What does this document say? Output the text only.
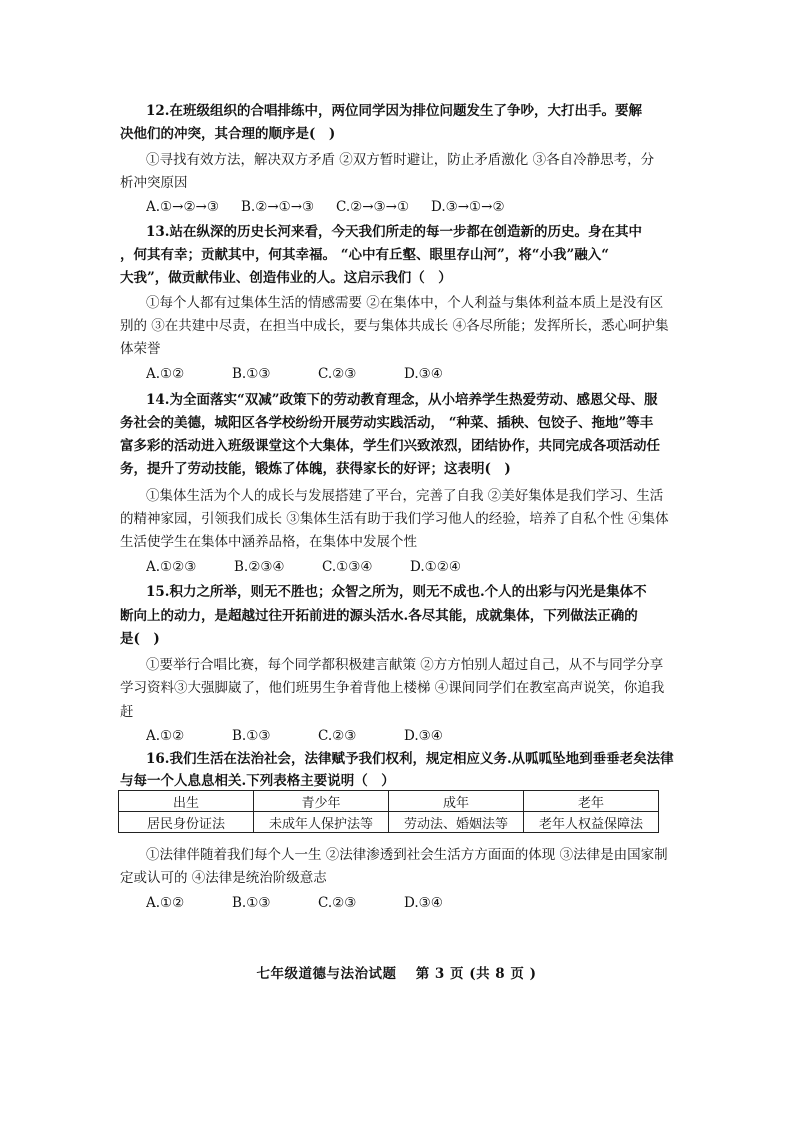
12.在班级组织的合唱排练中，两位同学因为排位问题发生了争吵，大打出手。要解
决他们的冲突，其合理的顺序是(　)
①寻找有效方法，解决双方矛盾 ②双方暂时避让，防止矛盾激化 ③各自冷静思考，分
析冲突原因
A.①→②→③	B.②→①→③	C.②→③→①	D.③→①→②
13.站在纵深的历史长河来看，今天我们所走的每一步都在创造新的历史。身在其中
，何其有幸；贡献其中，何其幸福。 “心中有丘壑、眼里存山河”，将“小我”融入“
大我”，做贡献伟业、创造伟业的人。这启示我们（　）
①每个人都有过集体生活的情感需要 ②在集体中，个人利益与集体利益本质上是没有区
别的 ③在共建中尽责，在担当中成长，要与集体共成长 ④各尽所能；发挥所长，悉心呵护集
体荣誉
A.①②	B.①③	C.②③	D.③④
14.为全面落实“双减”政策下的劳动教育理念，从小培养学生热爱劳动、感恩父母、服
务社会的美德，城阳区各学校纷纷开展劳动实践活动， “种菜、插秧、包饺子、拖地”等丰
富多彩的活动进入班级课堂这个大集体，学生们兴致浓烈，团结协作，共同完成各项活动任
务，提升了劳动技能，锻炼了体魄，获得家长的好评；这表明(　)
①集体生活为个人的成长与发展搭建了平台，完善了自我 ②美好集体是我们学习、生活
的精神家园，引领我们成长 ③集体生活有助于我们学习他人的经验，培养了自私个性 ④集体
生活使学生在集体中涵养品格，在集体中发展个性
A.①②③	B.②③④	C.①③④	D.①②④
15.积力之所举，则无不胜也；众智之所为，则无不成也.个人的出彩与闪光是集体不
断向上的动力，是超越过往开拓前进的源头活水.各尽其能，成就集体，下列做法正确的
是(　)
①要举行合唱比赛，每个同学都积极建言献策 ②方方怕别人超过自己，从不与同学分享
学习资料③大强脚崴了，他们班男生争着背他上楼梯 ④课间同学们在教室高声说笑，你追我
赶
A.①②	B.①③	C.②③	D.③④
16.我们生活在法治社会，法律赋予我们权利，规定相应义务.从呱呱坠地到垂垂老矣法律
与每一个人息息相关.下列表格主要说明（　）
出生	青少年	成年	老年
居民身份证法	未成年人保护法等	劳动法、婚姻法等	老年人权益保障法
①法律伴随着我们每个人一生 ②法律渗透到社会生活方方面面的体现 ③法律是由国家制
定或认可的 ④法律是统治阶级意志
A.①②	B.①③	C.②③	D.③④
七年级道德与法治试题　 第 3 页 (共 8 页 )
